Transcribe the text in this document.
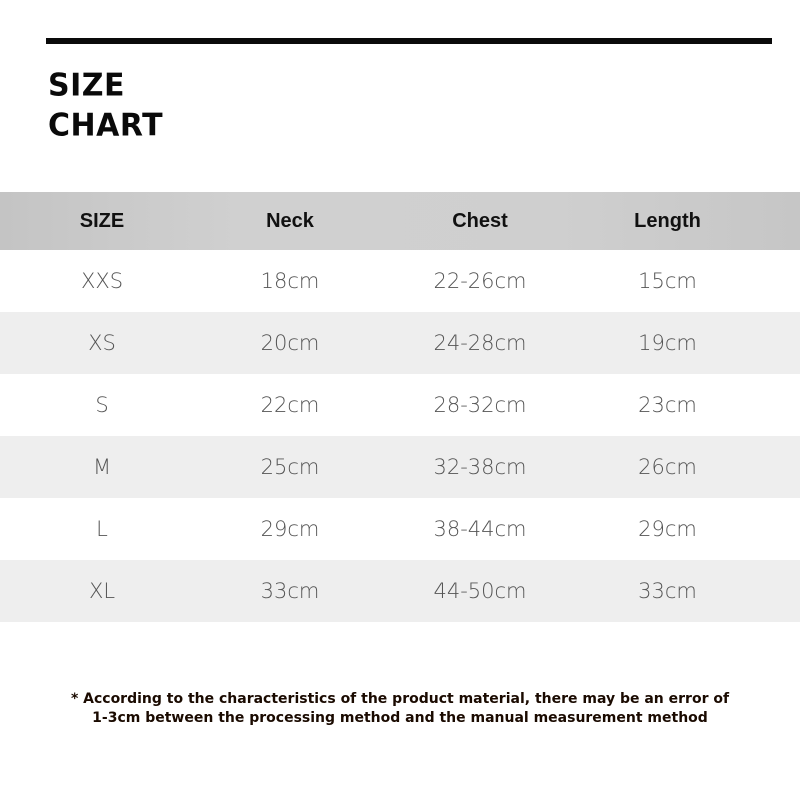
SIZE
CHART
SIZE	Neck	Chest	Length
XXS	18cm	22-26cm	15cm
XS	20cm	24-28cm	19cm
S	22cm	28-32cm	23cm
M	25cm	32-38cm	26cm
L	29cm	38-44cm	29cm
XL	33cm	44-50cm	33cm

* According to the characteristics of the product material, there may be an error of
1-3cm between the processing method and the manual measurement method
